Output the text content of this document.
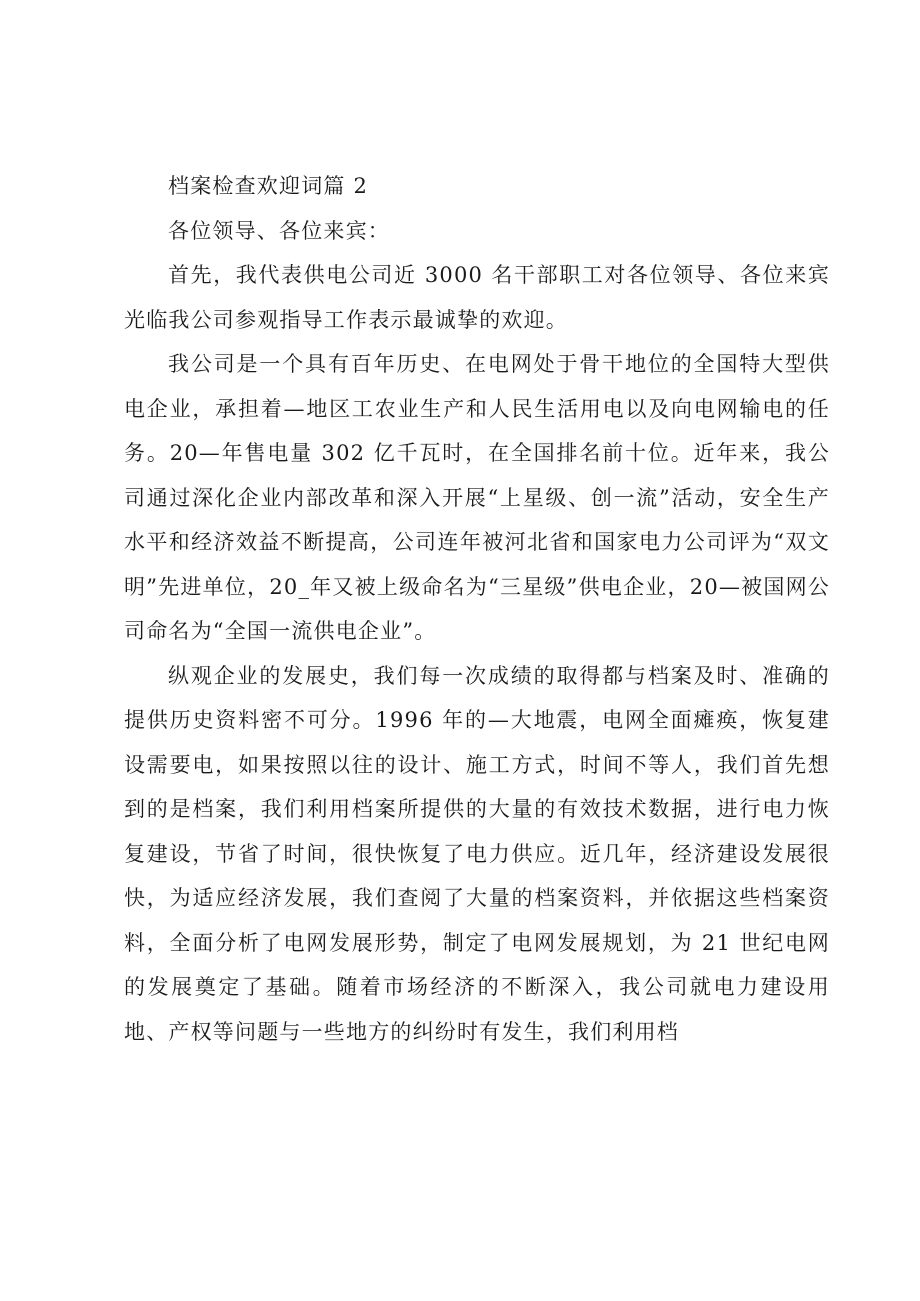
档案检查欢迎词篇 2

各位领导、各位来宾：

首先，我代表供电公司近 3000 名干部职工对各位领导、各位来宾光临我公司参观指导工作表示最诚挚的欢迎。

我公司是一个具有百年历史、在电网处于骨干地位的全国特大型供电企业，承担着—地区工农业生产和人民生活用电以及向电网输电的任务。20—年售电量 302 亿千瓦时，在全国排名前十位。近年来，我公司通过深化企业内部改革和深入开展“上星级、创一流”活动，安全生产水平和经济效益不断提高，公司连年被河北省和国家电力公司评为“双文明”先进单位，20_年又被上级命名为“三星级”供电企业，20—被国网公司命名为“全国一流供电企业”。

纵观企业的发展史，我们每一次成绩的取得都与档案及时、准确的提供历史资料密不可分。1996 年的—大地震，电网全面瘫痪，恢复建设需要电，如果按照以往的设计、施工方式，时间不等人，我们首先想到的是档案，我们利用档案所提供的大量的有效技术数据，进行电力恢复建设，节省了时间，很快恢复了电力供应。近几年，经济建设发展很快，为适应经济发展，我们查阅了大量的档案资料，并依据这些档案资料，全面分析了电网发展形势，制定了电网发展规划，为 21 世纪电网的发展奠定了基础。随着市场经济的不断深入，我公司就电力建设用地、产权等问题与一些地方的纠纷时有发生，我们利用档
